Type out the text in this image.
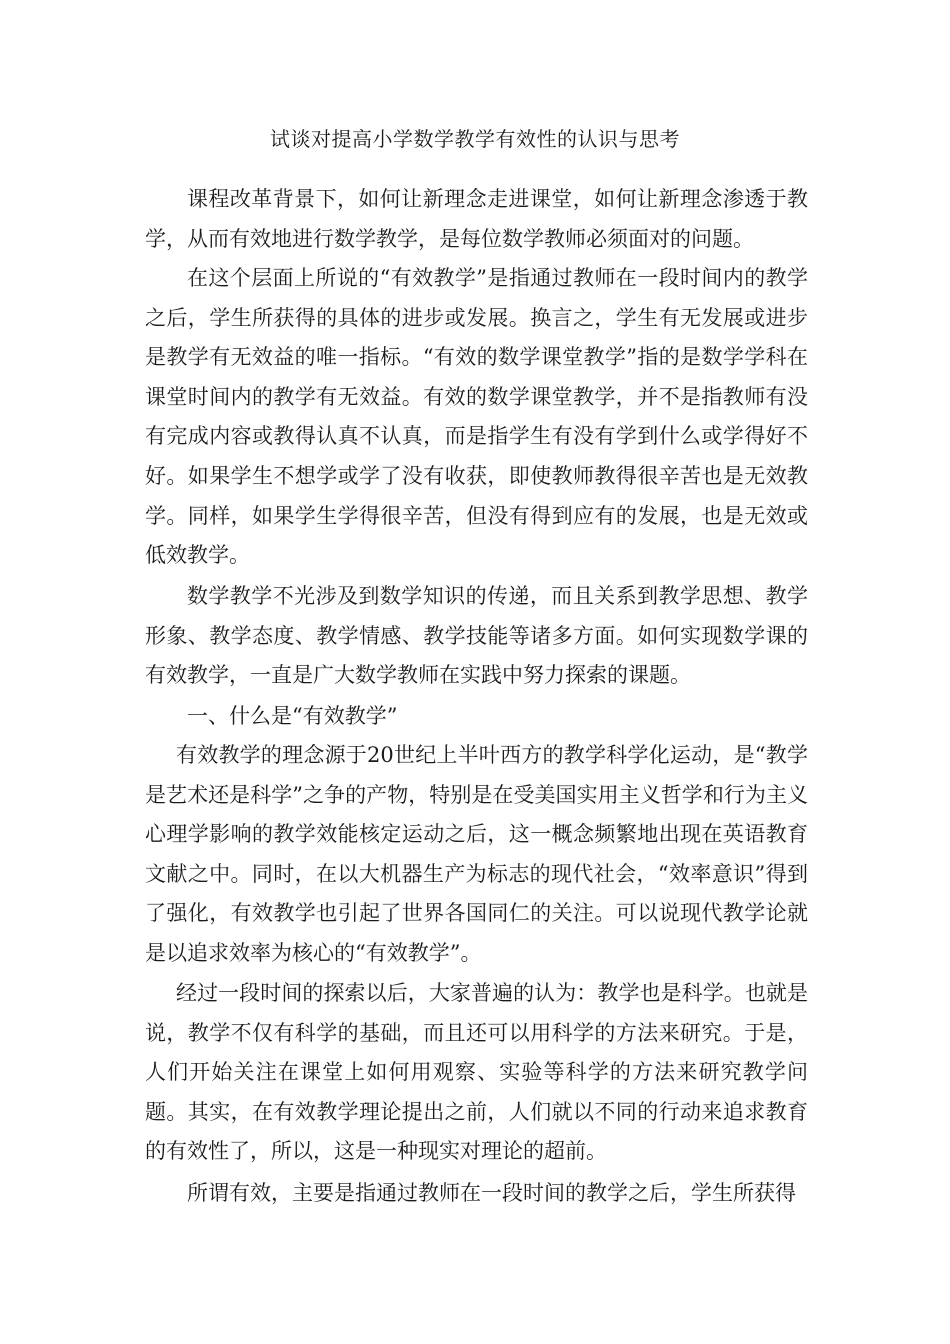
试谈对提高小学数学教学有效性的认识与思考

课程改革背景下，如何让新理念走进课堂，如何让新理念渗透于教学，从而有效地进行数学教学，是每位数学教师必须面对的问题。

在这个层面上所说的“有效教学”是指通过教师在一段时间内的教学之后，学生所获得的具体的进步或发展。换言之，学生有无发展或进步是教学有无效益的唯一指标。“有效的数学课堂教学”指的是数学学科在课堂时间内的教学有无效益。有效的数学课堂教学，并不是指教师有没有完成内容或教得认真不认真，而是指学生有没有学到什么或学得好不好。如果学生不想学或学了没有收获，即使教师教得很辛苦也是无效教学。同样，如果学生学得很辛苦，但没有得到应有的发展，也是无效或低效教学。

数学教学不光涉及到数学知识的传递，而且关系到教学思想、教学形象、教学态度、教学情感、教学技能等诸多方面。如何实现数学课的有效教学，一直是广大数学教师在实践中努力探索的课题。

一、什么是“有效教学”

有效教学的理念源于20世纪上半叶西方的教学科学化运动，是“教学是艺术还是科学”之争的产物，特别是在受美国实用主义哲学和行为主义心理学影响的教学效能核定运动之后，这一概念频繁地出现在英语教育文献之中。同时，在以大机器生产为标志的现代社会，“效率意识”得到了强化，有效教学也引起了世界各国同仁的关注。可以说现代教学论就是以追求效率为核心的“有效教学”。

经过一段时间的探索以后，大家普遍的认为：教学也是科学。也就是说，教学不仅有科学的基础，而且还可以用科学的方法来研究。于是，人们开始关注在课堂上如何用观察、实验等科学的方法来研究教学问题。其实，在有效教学理论提出之前，人们就以不同的行动来追求教育的有效性了，所以，这是一种现实对理论的超前。

所谓有效，主要是指通过教师在一段时间的教学之后，学生所获得
